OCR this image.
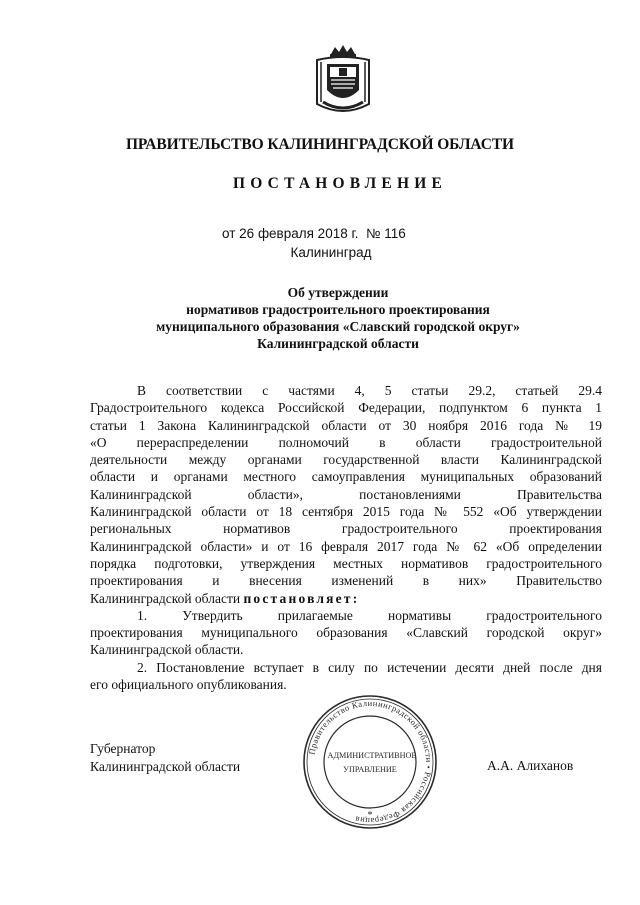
ПРАВИТЕЛЬСТВО КАЛИНИНГРАДСКОЙ ОБЛАСТИ
ПОСТАНОВЛЕНИЕ
от 26 февраля 2018 г. № 116
Калининград
Об утверждении
нормативов градостроительного проектирования
муниципального образования «Славский городской округ»
Калининградской области
В соответствии с частями 4, 5 статьи 29.2, статьей 29.4
Градостроительного кодекса Российской Федерации, подпунктом 6 пункта 1
статьи 1 Закона Калининградской области от 30 ноября 2016 года № 19
«О перераспределении полномочий в области градостроительной
деятельности между органами государственной власти Калининградской
области и органами местного самоуправления муниципальных образований
Калининградской области», постановлениями Правительства
Калининградской области от 18 сентября 2015 года № 552 «Об утверждении
региональных нормативов градостроительного проектирования
Калининградской области» и от 16 февраля 2017 года № 62 «Об определении
порядка подготовки, утверждения местных нормативов градостроительного
проектирования и внесения изменений в них» Правительство
Калининградской области постановляет:
1. Утвердить прилагаемые нормативы градостроительного
проектирования муниципального образования «Славский городской округ»
Калининградской области.
2. Постановление вступает в силу по истечении десяти дней после дня
его официального опубликования.
Губернатор
Калининградской области	А.А. Алиханов
Правительство Калининградской области • Российская Федерация
АДМИНИСТРАТИВНОЕ
УПРАВЛЕНИЕ
*
